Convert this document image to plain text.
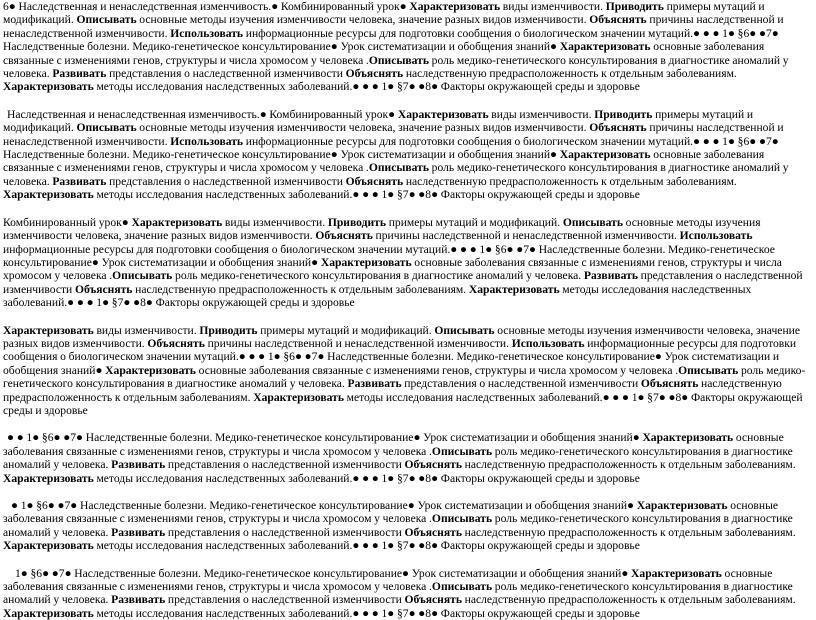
6● Наследственная и ненаследственная изменчивость.● Комбинированный урок● Характеризовать виды изменчивости. Приводить примеры мутаций и модификаций. Описывать основные методы изучения изменчивости человека, значение разных видов изменчивости. Объяснять причины наследственной и ненаследственной изменчивости. Использовать информационные ресурсы для подготовки сообщения о биологическом значении мутаций.● ● ● 1● §6● ●7● Наследственные болезни. Медико-генетическое консультирование● Урок систематизации и обобщения знаний● Характеризовать основные заболевания связанные с изменениями генов, структуры и числа хромосом у человека .Описывать роль медико-генетического консультирования в диагностике аномалий у человека. Развивать представления о наследственной изменчивости Объяснять наследственную предрасположенность к отдельным заболеваниям. Характеризовать методы исследования наследственных заболеваний.● ● ● 1● §7● ●8● Факторы окружающей среды и здоровье

Наследственная и ненаследственная изменчивость.● Комбинированный урок● Характеризовать виды изменчивости. Приводить примеры мутаций и модификаций. Описывать основные методы изучения изменчивости человека, значение разных видов изменчивости. Объяснять причины наследственной и ненаследственной изменчивости. Использовать информационные ресурсы для подготовки сообщения о биологическом значении мутаций.● ● ● 1● §6● ●7● Наследственные болезни. Медико-генетическое консультирование● Урок систематизации и обобщения знаний● Характеризовать основные заболевания связанные с изменениями генов, структуры и числа хромосом у человека .Описывать роль медико-генетического консультирования в диагностике аномалий у человека. Развивать представления о наследственной изменчивости Объяснять наследственную предрасположенность к отдельным заболеваниям. Характеризовать методы исследования наследственных заболеваний.● ● ● 1● §7● ●8● Факторы окружающей среды и здоровье

Комбинированный урок● Характеризовать виды изменчивости. Приводить примеры мутаций и модификаций. Описывать основные методы изучения изменчивости человека, значение разных видов изменчивости. Объяснять причины наследственной и ненаследственной изменчивости. Использовать информационные ресурсы для подготовки сообщения о биологическом значении мутаций.● ● ● 1● §6● ●7● Наследственные болезни. Медико-генетическое консультирование● Урок систематизации и обобщения знаний● Характеризовать основные заболевания связанные с изменениями генов, структуры и числа хромосом у человека .Описывать роль медико-генетического консультирования в диагностике аномалий у человека. Развивать представления о наследственной изменчивости Объяснять наследственную предрасположенность к отдельным заболеваниям. Характеризовать методы исследования наследственных заболеваний.● ● ● 1● §7● ●8● Факторы окружающей среды и здоровье

Характеризовать виды изменчивости. Приводить примеры мутаций и модификаций. Описывать основные методы изучения изменчивости человека, значение разных видов изменчивости. Объяснять причины наследственной и ненаследственной изменчивости. Использовать информационные ресурсы для подготовки сообщения о биологическом значении мутаций.● ● ● 1● §6● ●7● Наследственные болезни. Медико-генетическое консультирование● Урок систематизации и обобщения знаний● Характеризовать основные заболевания связанные с изменениями генов, структуры и числа хромосом у человека .Описывать роль медико-генетического консультирования в диагностике аномалий у человека. Развивать представления о наследственной изменчивости Объяснять наследственную предрасположенность к отдельным заболеваниям. Характеризовать методы исследования наследственных заболеваний.● ● ● 1● §7● ●8● Факторы окружающей среды и здоровье

● ● 1● §6● ●7● Наследственные болезни. Медико-генетическое консультирование● Урок систематизации и обобщения знаний● Характеризовать основные заболевания связанные с изменениями генов, структуры и числа хромосом у человека .Описывать роль медико-генетического консультирования в диагностике аномалий у человека. Развивать представления о наследственной изменчивости Объяснять наследственную предрасположенность к отдельным заболеваниям. Характеризовать методы исследования наследственных заболеваний.● ● ● 1● §7● ●8● Факторы окружающей среды и здоровье

● 1● §6● ●7● Наследственные болезни. Медико-генетическое консультирование● Урок систематизации и обобщения знаний● Характеризовать основные заболевания связанные с изменениями генов, структуры и числа хромосом у человека .Описывать роль медико-генетического консультирования в диагностике аномалий у человека. Развивать представления о наследственной изменчивости Объяснять наследственную предрасположенность к отдельным заболеваниям. Характеризовать методы исследования наследственных заболеваний.● ● ● 1● §7● ●8● Факторы окружающей среды и здоровье

1● §6● ●7● Наследственные болезни. Медико-генетическое консультирование● Урок систематизации и обобщения знаний● Характеризовать основные заболевания связанные с изменениями генов, структуры и числа хромосом у человека .Описывать роль медико-генетического консультирования в диагностике аномалий у человека. Развивать представления о наследственной изменчивости Объяснять наследственную предрасположенность к отдельным заболеваниям. Характеризовать методы исследования наследственных заболеваний.● ● ● 1● §7● ●8● Факторы окружающей среды и здоровье
